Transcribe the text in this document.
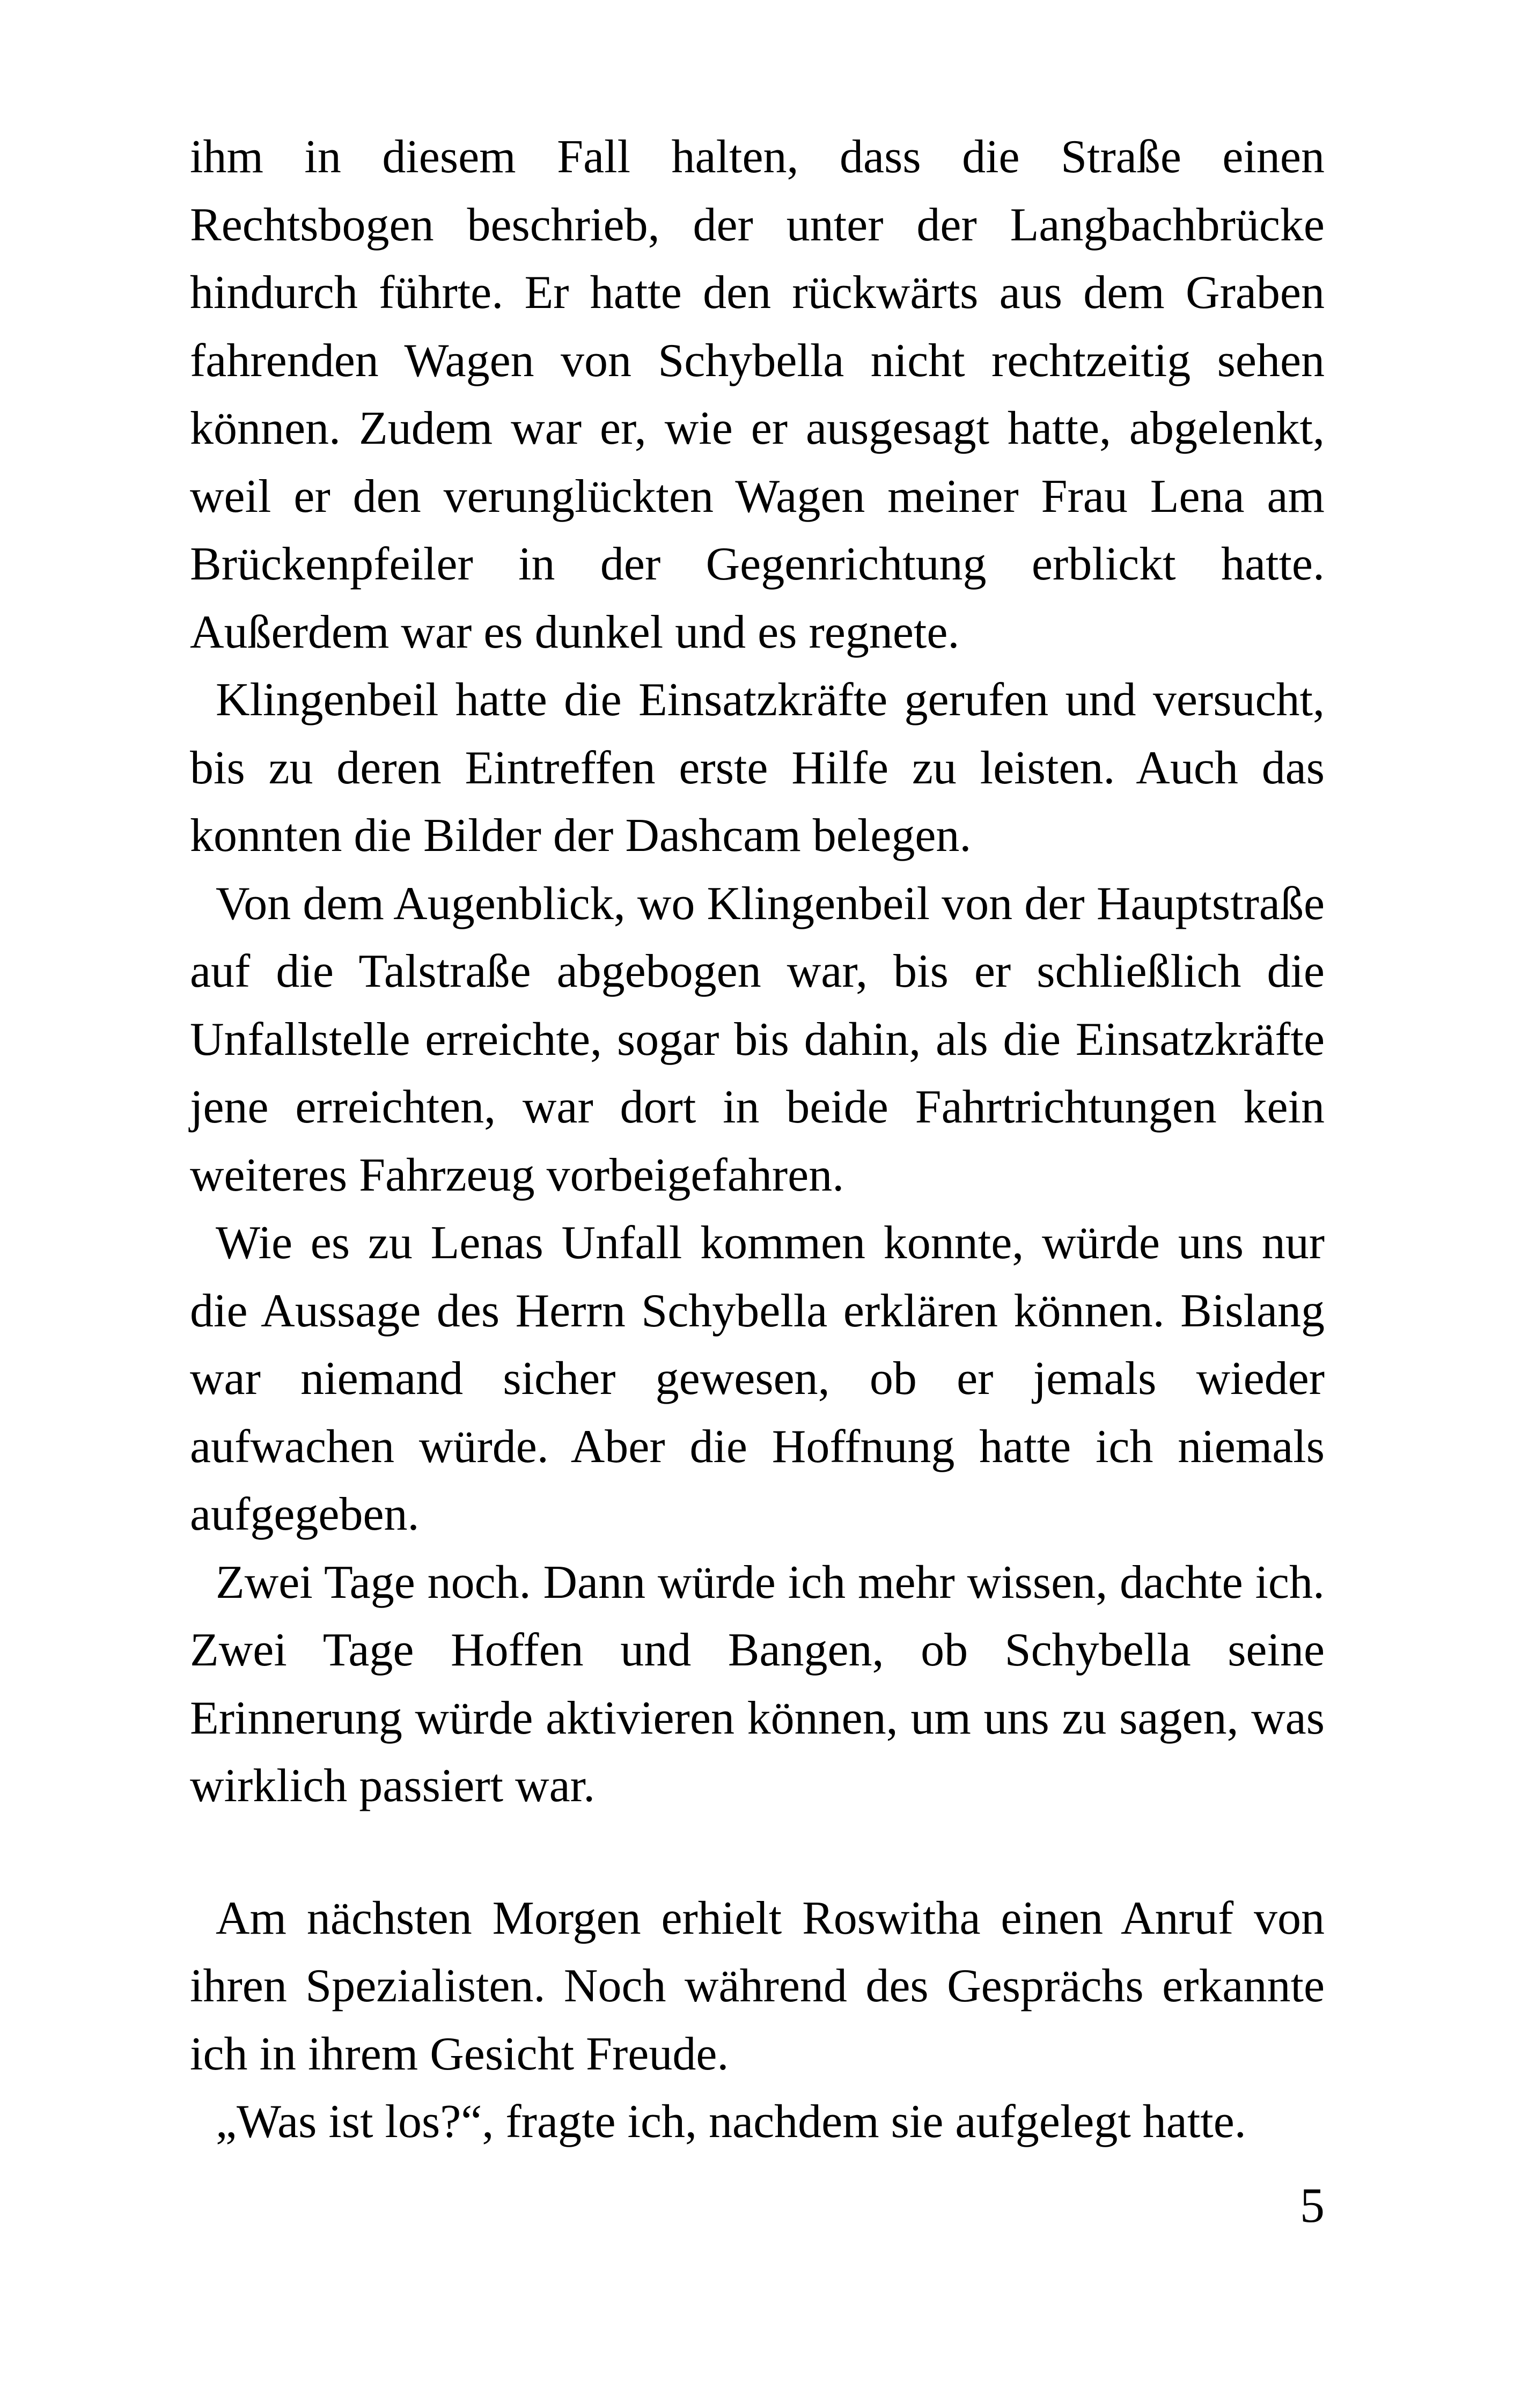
ihm in diesem Fall halten, dass die Straße einen Rechtsbogen beschrieb, der unter der Langbachbrücke hindurch führte. Er hatte den rückwärts aus dem Graben fahrenden Wagen von Schybella nicht rechtzeitig sehen können. Zudem war er, wie er ausgesagt hatte, abgelenkt, weil er den verunglückten Wagen meiner Frau Lena am Brückenpfeiler in der Gegenrichtung erblickt hatte. Außerdem war es dunkel und es regnete.

Klingenbeil hatte die Einsatzkräfte gerufen und versucht, bis zu deren Eintreffen erste Hilfe zu leisten. Auch das konnten die Bilder der Dashcam belegen.

Von dem Augenblick, wo Klingenbeil von der Hauptstraße auf die Talstraße abgebogen war, bis er schließlich die Unfallstelle erreichte, sogar bis dahin, als die Einsatzkräfte jene erreichten, war dort in beide Fahrtrichtungen kein weiteres Fahrzeug vorbeigefahren.

Wie es zu Lenas Unfall kommen konnte, würde uns nur die Aussage des Herrn Schybella erklären können. Bislang war niemand sicher gewesen, ob er jemals wieder aufwachen würde. Aber die Hoffnung hatte ich niemals aufgegeben.

Zwei Tage noch. Dann würde ich mehr wissen, dachte ich. Zwei Tage Hoffen und Bangen, ob Schybella seine Erinnerung würde aktivieren können, um uns zu sagen, was wirklich passiert war.

Am nächsten Morgen erhielt Roswitha einen Anruf von ihren Spezialisten. Noch während des Gesprächs erkannte ich in ihrem Gesicht Freude.

„Was ist los?“, fragte ich, nachdem sie aufgelegt hatte.

5
